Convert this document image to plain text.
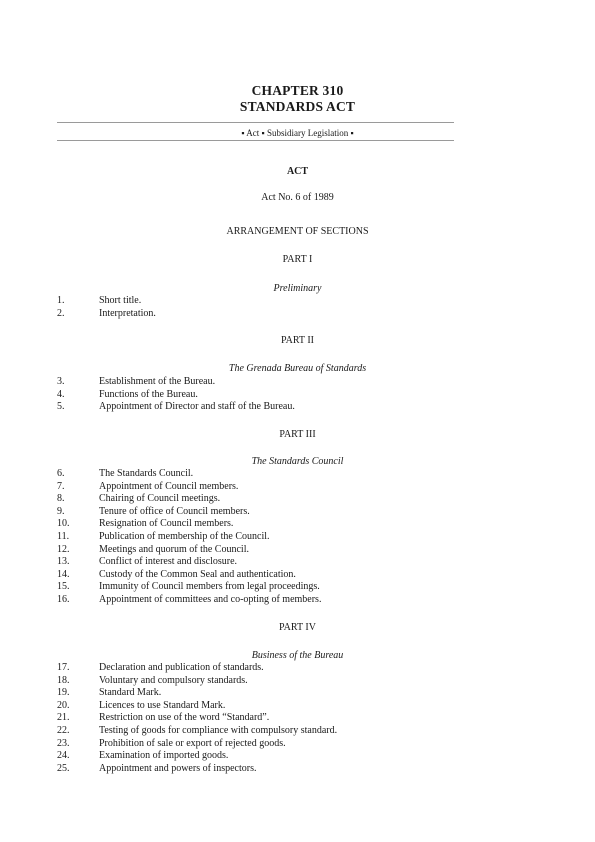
CHAPTER 310
STANDARDS ACT
▪ Act ▪ Subsidiary Legislation ▪
ACT
Act No. 6 of 1989
ARRANGEMENT OF SECTIONS
PART I
Preliminary
1.	Short title.
2.	Interpretation.
PART II
The Grenada Bureau of Standards
3.	Establishment of the Bureau.
4.	Functions of the Bureau.
5.	Appointment of Director and staff of the Bureau.
PART III
The Standards Council
6.	The Standards Council.
7.	Appointment of Council members.
8.	Chairing of Council meetings.
9.	Tenure of office of Council members.
10.	Resignation of Council members.
11.	Publication of membership of the Council.
12.	Meetings and quorum of the Council.
13.	Conflict of interest and disclosure.
14.	Custody of the Common Seal and authentication.
15.	Immunity of Council members from legal proceedings.
16.	Appointment of committees and co-opting of members.
PART IV
Business of the Bureau
17.	Declaration and publication of standards.
18.	Voluntary and compulsory standards.
19.	Standard Mark.
20.	Licences to use Standard Mark.
21.	Restriction on use of the word “Standard”.
22.	Testing of goods for compliance with compulsory standard.
23.	Prohibition of sale or export of rejected goods.
24.	Examination of imported goods.
25.	Appointment and powers of inspectors.
